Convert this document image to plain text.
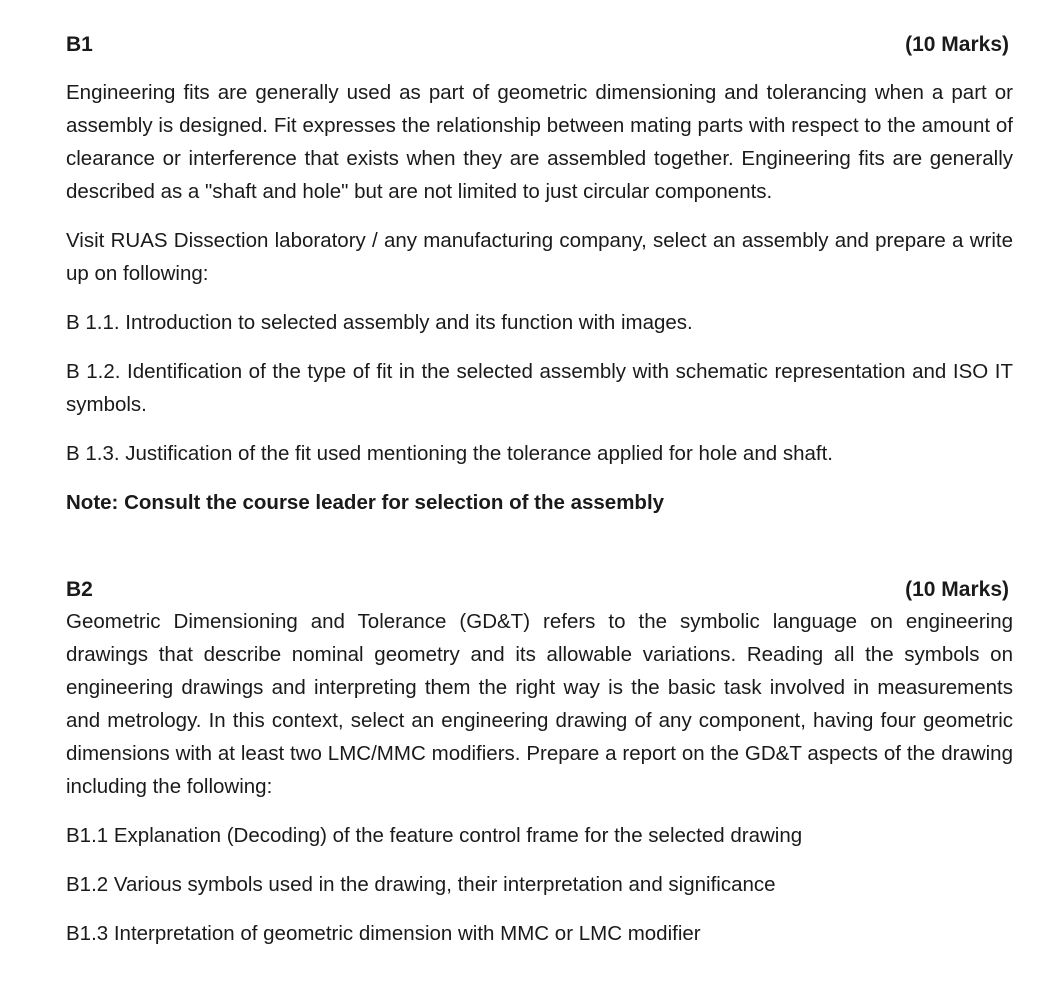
B1	(10 Marks)

Engineering fits are generally used as part of geometric dimensioning and tolerancing when a part or assembly is designed. Fit expresses the relationship between mating parts with respect to the amount of clearance or interference that exists when they are assembled together. Engineering fits are generally described as a "shaft and hole" but are not limited to just circular components.

Visit RUAS Dissection laboratory / any manufacturing company, select an assembly and prepare a write up on following:

B 1.1. Introduction to selected assembly and its function with images.

B 1.2. Identification of the type of fit in the selected assembly with schematic representation and ISO IT symbols.

B 1.3. Justification of the fit used mentioning the tolerance applied for hole and shaft.

Note: Consult the course leader for selection of the assembly

B2	(10 Marks)

Geometric Dimensioning and Tolerance (GD&T) refers to the symbolic language on engineering drawings that describe nominal geometry and its allowable variations. Reading all the symbols on engineering drawings and interpreting them the right way is the basic task involved in measurements and metrology. In this context, select an engineering drawing of any component, having four geometric dimensions with at least two LMC/MMC modifiers. Prepare a report on the GD&T aspects of the drawing including the following:

B1.1 Explanation (Decoding) of the feature control frame for the selected drawing

B1.2 Various symbols used in the drawing, their interpretation and significance

B1.3 Interpretation of geometric dimension with MMC or LMC modifier
